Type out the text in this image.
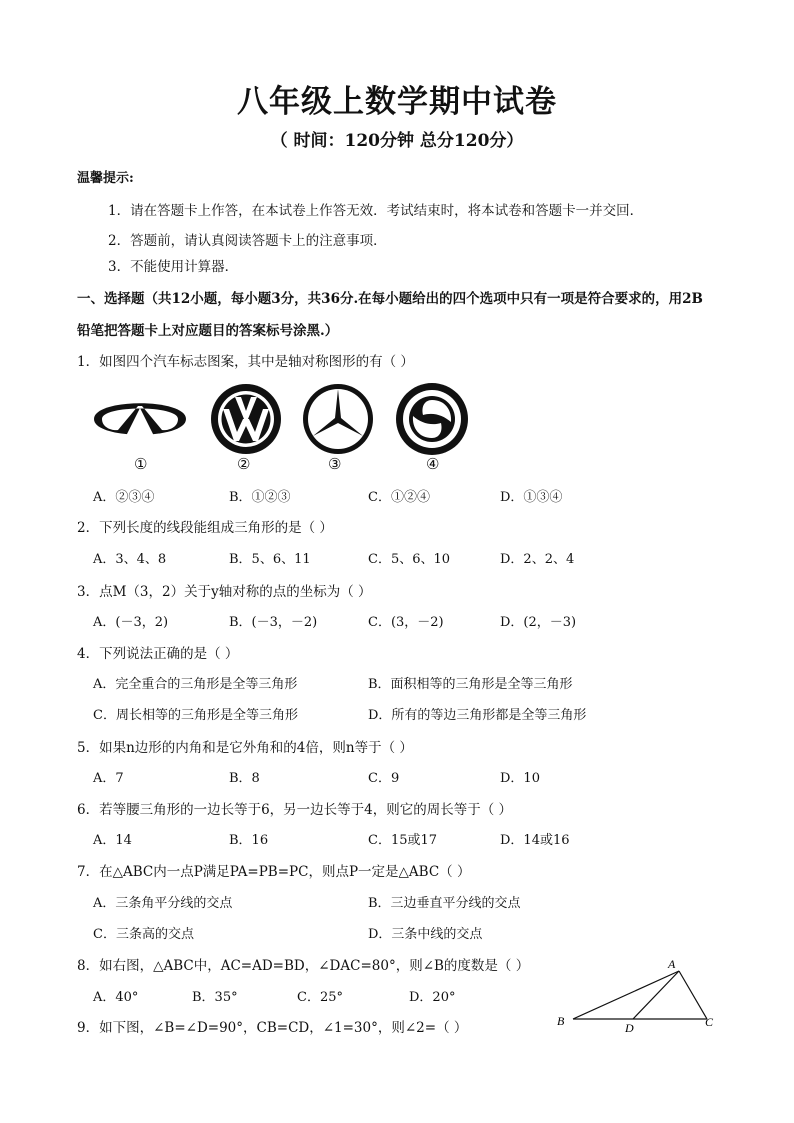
八年级上数学期中试卷
（ 时间：120分钟 总分120分）
温馨提示:
1．请在答题卡上作答，在本试卷上作答无效．考试结束时，将本试卷和答题卡一并交回．
2．答题前，请认真阅读答题卡上的注意事项．
3．不能使用计算器．
一、选择题（共12小题，每小题3分，共36分.在每小题给出的四个选项中只有一项是符合要求的，用2B
铅笔把答题卡上对应题目的答案标号涂黑.）
1．如图四个汽车标志图案，其中是轴对称图形的有（ ）
①	②	③	④
A．②③④	B．①②③	C．①②④	D．①③④
2．下列长度的线段能组成三角形的是（ ）
A．3、4、8	B．5、6、11	C．5、6、10	D．2、2、4
3．点M（3，2）关于y轴对称的点的坐标为（ ）
A．(－3，2)	B．(－3，－2)	C．(3，－2)	D．(2，－3)
4．下列说法正确的是（ ）
A．完全重合的三角形是全等三角形	B．面积相等的三角形是全等三角形
C．周长相等的三角形是全等三角形	D．所有的等边三角形都是全等三角形
5．如果n边形的内角和是它外角和的4倍，则n等于（ ）
A．7	B．8	C．9	D．10
6．若等腰三角形的一边长等于6，另一边长等于4，则它的周长等于（ ）
A．14	B．16	C．15或17	D．14或16
7．在△ABC内一点P满足PA=PB=PC，则点P一定是△ABC（ ）
A．三条角平分线的交点	B．三边垂直平分线的交点
C．三条高的交点	D．三条中线的交点
8．如右图，△ABC中，AC=AD=BD，∠DAC=80°，则∠B的度数是（ ）
A．40°	B．35°	C．25°	D．20°
A
B	D	C
9．如下图，∠B=∠D=90°，CB=CD，∠1=30°，则∠2=（ ）
